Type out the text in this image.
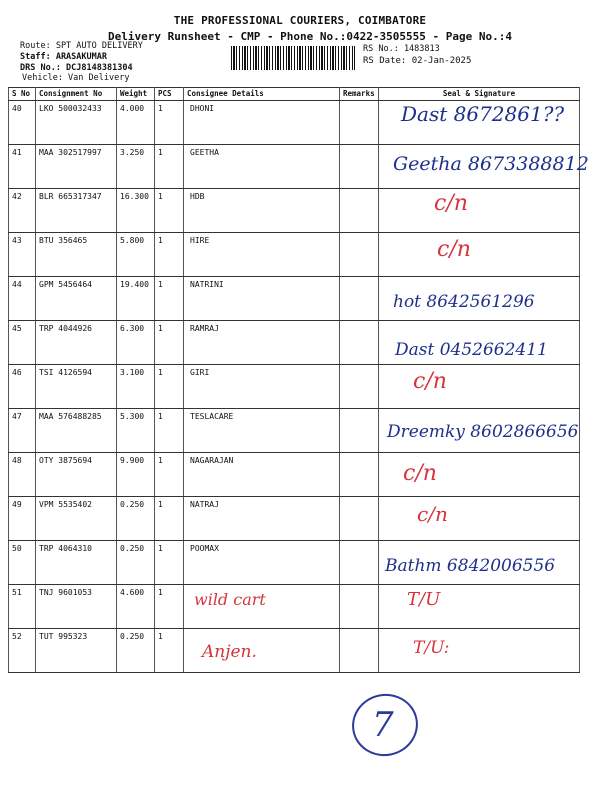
THE PROFESSIONAL COURIERS, COIMBATORE
Delivery Runsheet - CMP - Phone No.:0422-3505555 - Page No.:4
Route: SPT AUTO DELIVERY
Staff: ARASAKUMAR
DRS No.: DCJ8148381304
Vehicle: Van Delivery
RS No.: 1483813
RS Date: 02-Jan-2025
S No	Consignment No	Weight	PCS	Consignee Details	Remarks	Seal & Signature
40	LKO 500032433	4.000	1	DHONI		Dast 8672861??

41	MAA 302517997	3.250	1	GEETHA		Geetha 8673388812

42	BLR 665317347	16.300	1	HDB		c/n

43	BTU 356465	5.800	1	HIRE		c/n

44	GPM 5456464	19.400	1	NATRINI		hot 8642561296

45	TRP 4044926	6.300	1	RAMRAJ		Dast 0452662411

46	TSI 4126594	3.100	1	GIRI		c/n

47	MAA 576488285	5.300	1	TESLACARE		Dreemky 8602866656

48	OTY 3875694	9.900	1	NAGARAJAN		c/n

49	VPM 5535402	0.250	1	NATRAJ		c/n

50	TRP 4064310	0.250	1	POOMAX		Bathm 6842006556

51	TNJ 9601053	4.600	1	wild cart		T/U

52	TUT 995323	0.250	1	Anjen.		T/U:
7
